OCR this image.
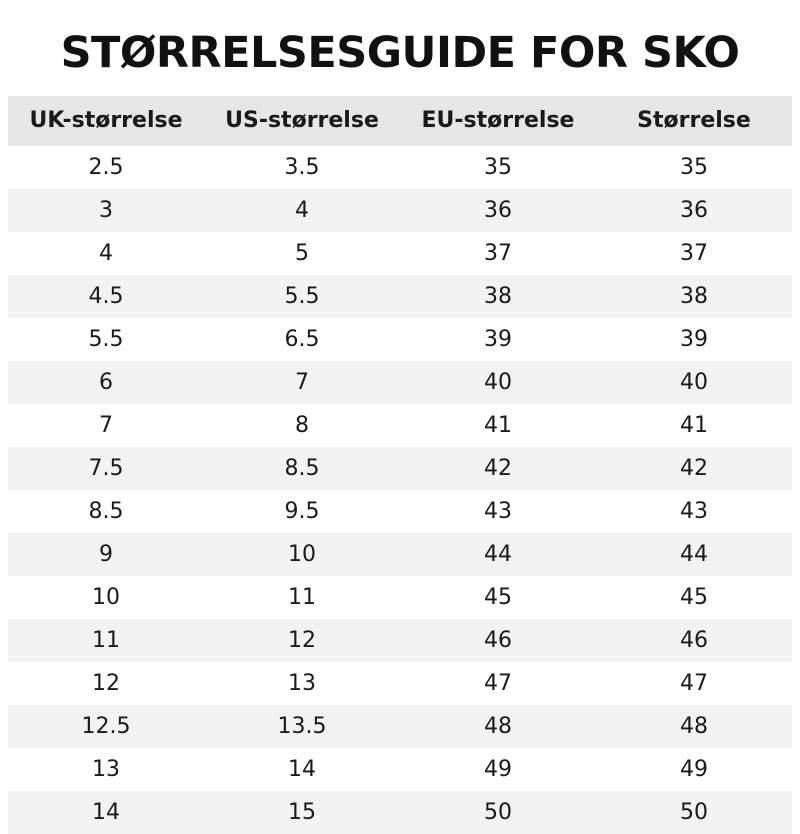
STØRRELSESGUIDE FOR SKO
UK-størrelse	US-størrelse	EU-størrelse	Størrelse
2.5	3.5	35	35
3	4	36	36
4	5	37	37
4.5	5.5	38	38
5.5	6.5	39	39
6	7	40	40
7	8	41	41
7.5	8.5	42	42
8.5	9.5	43	43
9	10	44	44
10	11	45	45
11	12	46	46
12	13	47	47
12.5	13.5	48	48
13	14	49	49
14	15	50	50
